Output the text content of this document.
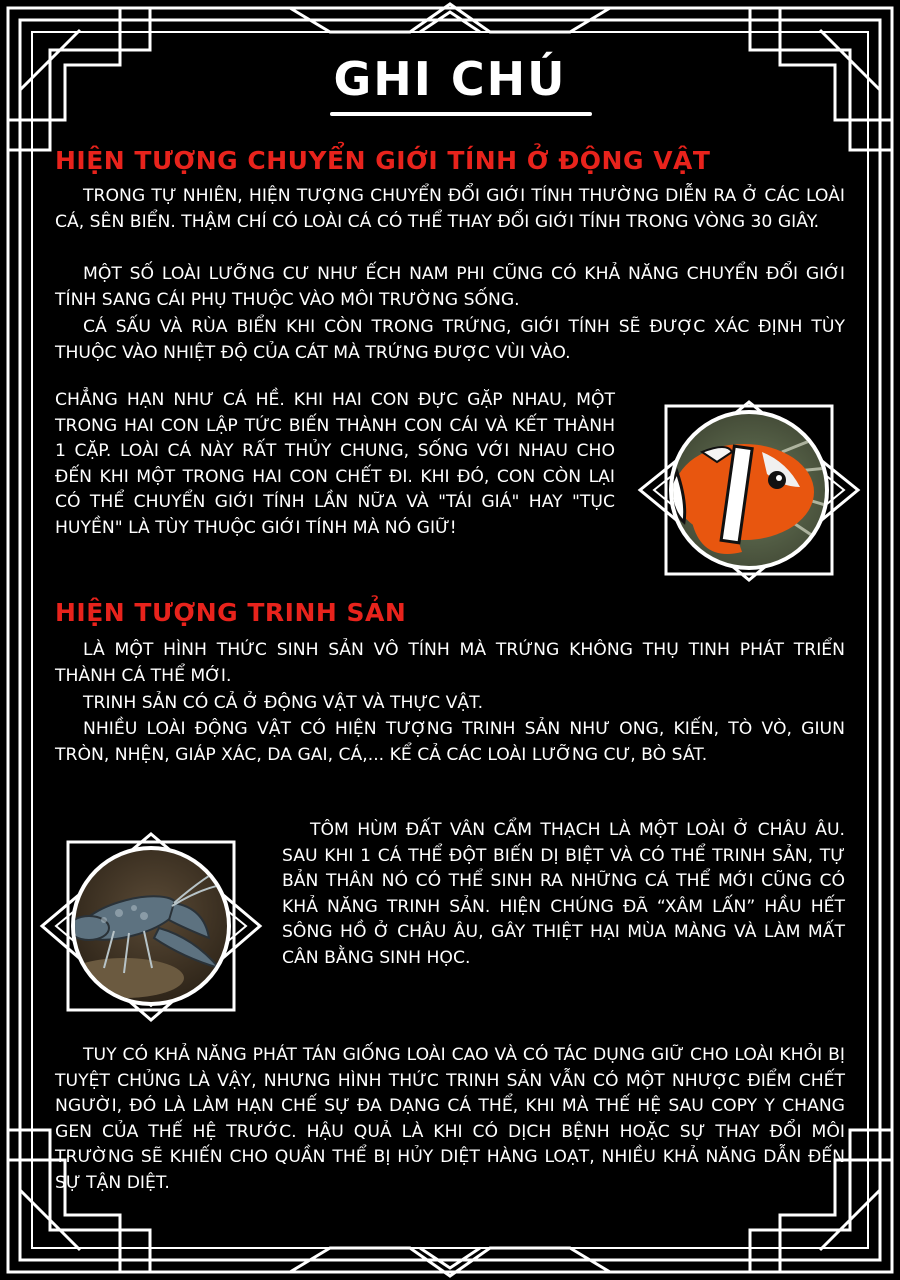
GHI CHÚ
HIỆN TƯỢNG CHUYỂN GIỚI TÍNH Ở ĐỘNG VẬT
TRONG TỰ NHIÊN, HIỆN TƯỢNG CHUYỂN ĐỔI GIỚI TÍNH THƯỜNG DIỄN RA Ở CÁC LOÀI CÁ, SÊN BIỂN. THẬM CHÍ CÓ LOÀI CÁ CÓ THỂ THAY ĐỔI GIỚI TÍNH TRONG VÒNG 30 GIÂY.
MỘT SỐ LOÀI LƯỠNG CƯ NHƯ ẾCH NAM PHI CŨNG CÓ KHẢ NĂNG CHUYỂN ĐỔI GIỚI TÍNH SANG CÁI PHỤ THUỘC VÀO MÔI TRƯỜNG SỐNG.
CÁ SẤU VÀ RÙA BIỂN KHI CÒN TRONG TRỨNG, GIỚI TÍNH SẼ ĐƯỢC XÁC ĐỊNH TÙY THUỘC VÀO NHIỆT ĐỘ CỦA CÁT MÀ TRỨNG ĐƯỢC VÙI VÀO.
CHẲNG HẠN NHƯ CÁ HỀ. KHI HAI CON ĐỰC GẶP NHAU, MỘT TRONG HAI CON LẬP TỨC BIẾN THÀNH CON CÁI VÀ KẾT THÀNH 1 CẶP. LOÀI CÁ NÀY RẤT THỦY CHUNG, SỐNG VỚI NHAU CHO ĐẾN KHI MỘT TRONG HAI CON CHẾT ĐI. KHI ĐÓ, CON CÒN LẠI CÓ THỂ CHUYỂN GIỚI TÍNH LẦN NỮA VÀ "TÁI GIÁ" HAY "TỤC HUYỀN" LÀ TÙY THUỘC GIỚI TÍNH MÀ NÓ GIỮ!
HIỆN TƯỢNG TRINH SẢN
LÀ MỘT HÌNH THỨC SINH SẢN VÔ TÍNH MÀ TRỨNG KHÔNG THỤ TINH PHÁT TRIỂN THÀNH CÁ THỂ MỚI.
TRINH SẢN CÓ CẢ Ở ĐỘNG VẬT VÀ THỰC VẬT.
NHIỀU LOÀI ĐỘNG VẬT CÓ HIỆN TƯỢNG TRINH SẢN NHƯ ONG, KIẾN, TÒ VÒ, GIUN TRÒN, NHỆN, GIÁP XÁC, DA GAI, CÁ,... KỂ CẢ CÁC LOÀI LƯỠNG CƯ, BÒ SÁT.
TÔM HÙM ĐẤT VÂN CẨM THẠCH LÀ MỘT LOÀI Ở CHÂU ÂU. SAU KHI 1 CÁ THỂ ĐỘT BIẾN DỊ BIỆT VÀ CÓ THỂ TRINH SẢN, TỰ BẢN THÂN NÓ CÓ THỂ SINH RA NHỮNG CÁ THỂ MỚI CŨNG CÓ KHẢ NĂNG TRINH SẢN. HIỆN CHÚNG ĐÃ “XÂM LẤN” HẦU HẾT SÔNG HỒ Ở CHÂU ÂU, GÂY THIỆT HẠI MÙA MÀNG VÀ LÀM MẤT CÂN BẰNG SINH HỌC.
TUY CÓ KHẢ NĂNG PHÁT TÁN GIỐNG LOÀI CAO VÀ CÓ TÁC DỤNG GIỮ CHO LOÀI KHỎI BỊ TUYỆT CHỦNG LÀ VẬY, NHƯNG HÌNH THỨC TRINH SẢN VẪN CÓ MỘT NHƯỢC ĐIỂM CHẾT NGƯỜI, ĐÓ LÀ LÀM HẠN CHẾ SỰ ĐA DẠNG CÁ THỂ, KHI MÀ THẾ HỆ SAU COPY Y CHANG GEN CỦA THẾ HỆ TRƯỚC. HẬU QUẢ LÀ KHI CÓ DỊCH BỆNH HOẶC SỰ THAY ĐỔI MÔI TRƯỜNG SẼ KHIẾN CHO QUẦN THỂ BỊ HỦY DIỆT HÀNG LOẠT, NHIỀU KHẢ NĂNG DẪN ĐẾN SỰ TẬN DIỆT.
